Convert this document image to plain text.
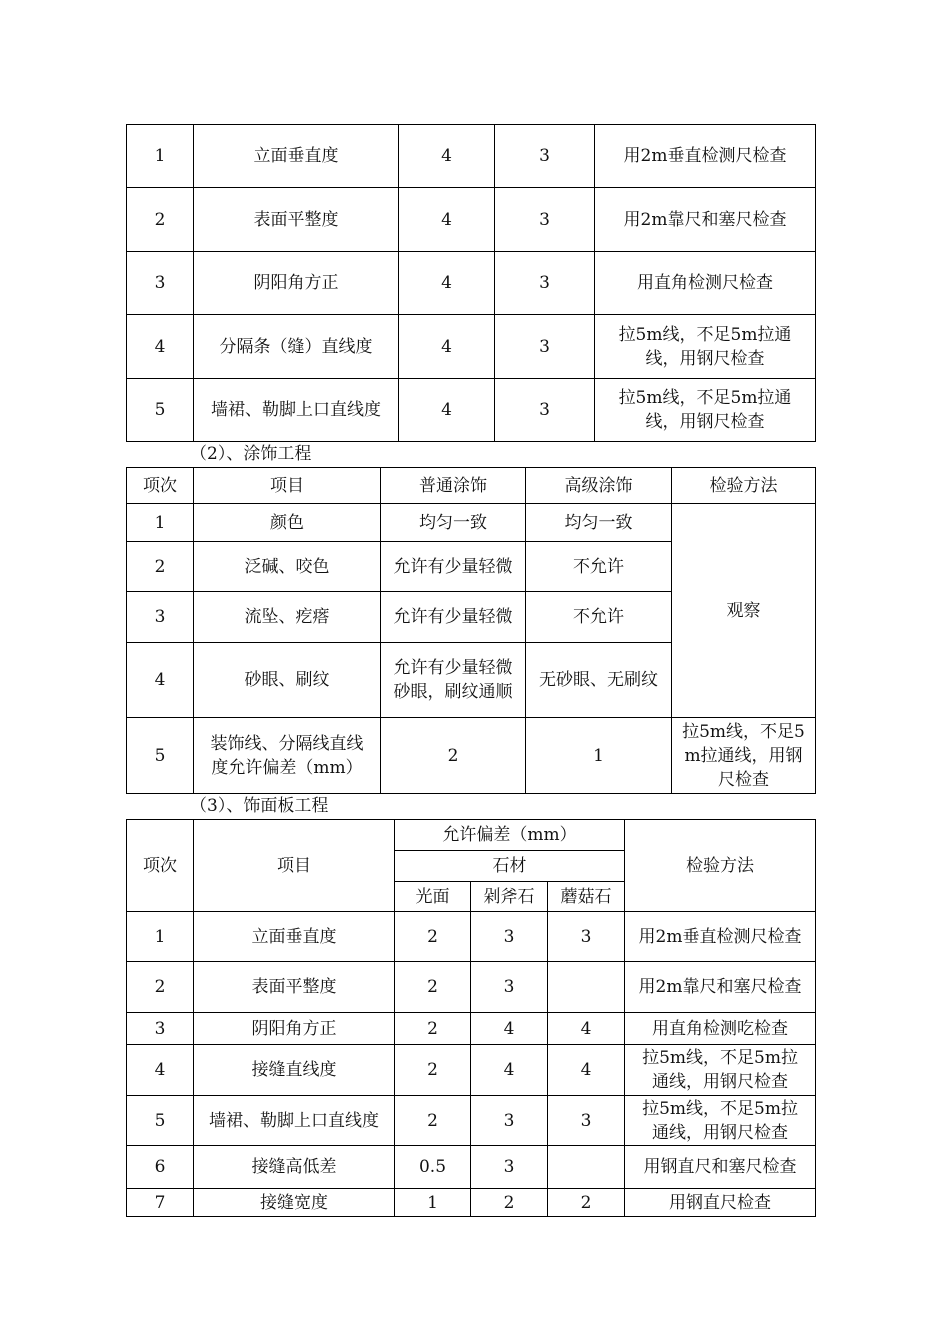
1	立面垂直度	4	3	用2m垂直检测尺检查
2	表面平整度	4	3	用2m靠尺和塞尺检查
3	阴阳角方正	4	3	用直角检测尺检查
4	分隔条（缝）直线度	4	3	拉5m线，不足5m拉通线，用钢尺检查
5	墙裙、勒脚上口直线度	4	3	拉5m线，不足5m拉通线，用钢尺检查
（2）、涂饰工程
项次	项目	普通涂饰	高级涂饰	检验方法
1	颜色	均匀一致	均匀一致	观察
2	泛碱、咬色	允许有少量轻微	不允许	
3	流坠、疙瘩	允许有少量轻微	不允许	
4	砂眼、刷纹	允许有少量轻微砂眼，刷纹通顺	无砂眼、无刷纹	
5	装饰线、分隔线直线度允许偏差（mm）	2	1	拉5m线，不足5m拉通线，用钢尺检查
（3）、饰面板工程
项次	项目	允许偏差（mm）			检验方法
		石材			
		光面	剁斧石	蘑菇石	
1	立面垂直度	2	3	3	用2m垂直检测尺检查
2	表面平整度	2	3		用2m靠尺和塞尺检查
3	阴阳角方正	2	4	4	用直角检测吃检查
4	接缝直线度	2	4	4	拉5m线，不足5m拉通线，用钢尺检查
5	墙裙、勒脚上口直线度	2	3	3	拉5m线，不足5m拉通线，用钢尺检查
6	接缝高低差	0.5	3		用钢直尺和塞尺检查
7	接缝宽度	1	2	2	用钢直尺检查
